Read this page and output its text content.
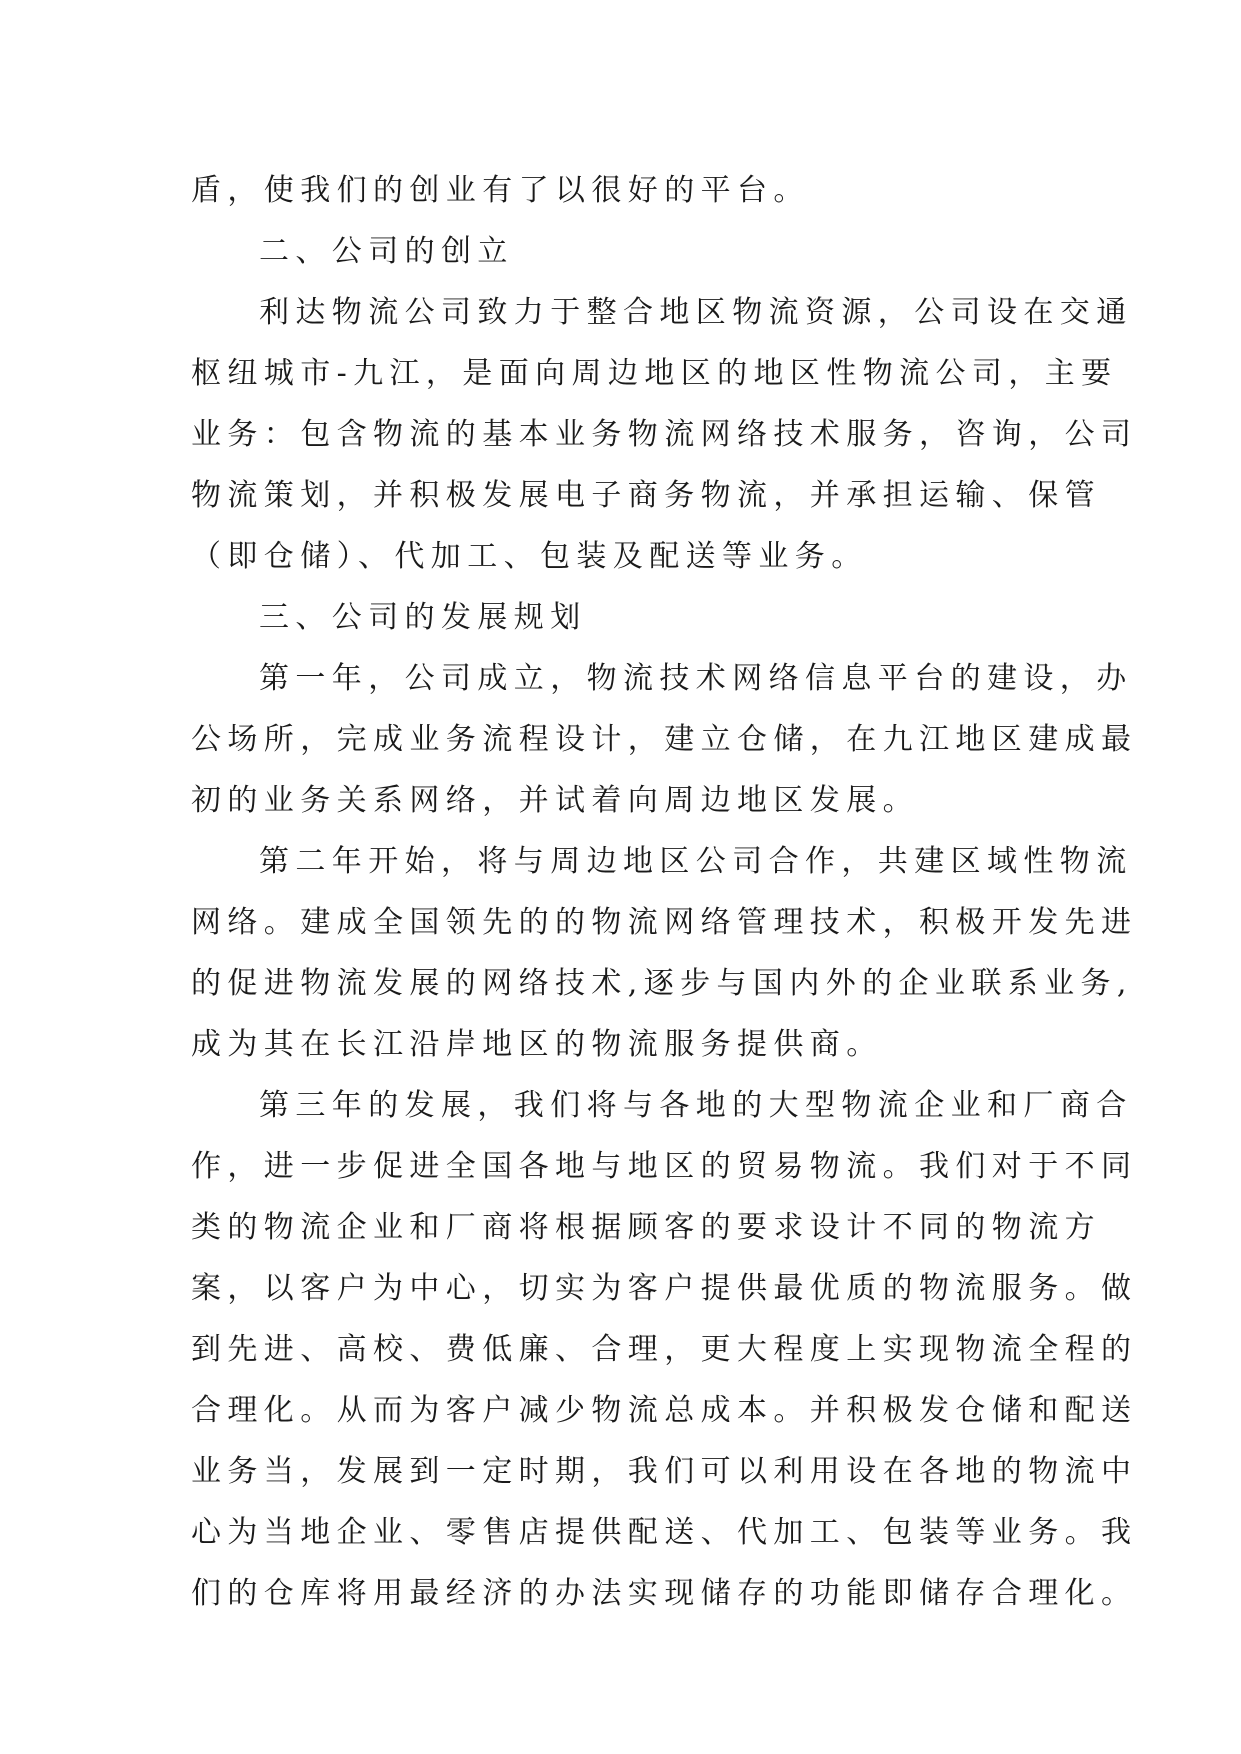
盾，使我们的创业有了以很好的平台。
二、公司的创立
利达物流公司致力于整合地区物流资源，公司设在交通
枢纽城市-九江，是面向周边地区的地区性物流公司，主要
业务：包含物流的基本业务物流网络技术服务，咨询，公司
物流策划，并积极发展电子商务物流，并承担运输、保管
（即仓储）、代加工、包装及配送等业务。
三、公司的发展规划
第一年，公司成立，物流技术网络信息平台的建设，办
公场所，完成业务流程设计，建立仓储，在九江地区建成最
初的业务关系网络，并试着向周边地区发展。
第二年开始，将与周边地区公司合作，共建区域性物流
网络。建成全国领先的的物流网络管理技术，积极开发先进
的促进物流发展的网络技术,逐步与国内外的企业联系业务,
成为其在长江沿岸地区的物流服务提供商。
第三年的发展，我们将与各地的大型物流企业和厂商合
作，进一步促进全国各地与地区的贸易物流。我们对于不同
类的物流企业和厂商将根据顾客的要求设计不同的物流方
案，以客户为中心，切实为客户提供最优质的物流服务。做
到先进、高校、费低廉、合理，更大程度上实现物流全程的
合理化。从而为客户减少物流总成本。并积极发仓储和配送
业务当，发展到一定时期，我们可以利用设在各地的物流中
心为当地企业、零售店提供配送、代加工、包装等业务。我
们的仓库将用最经济的办法实现储存的功能即储存合理化。
